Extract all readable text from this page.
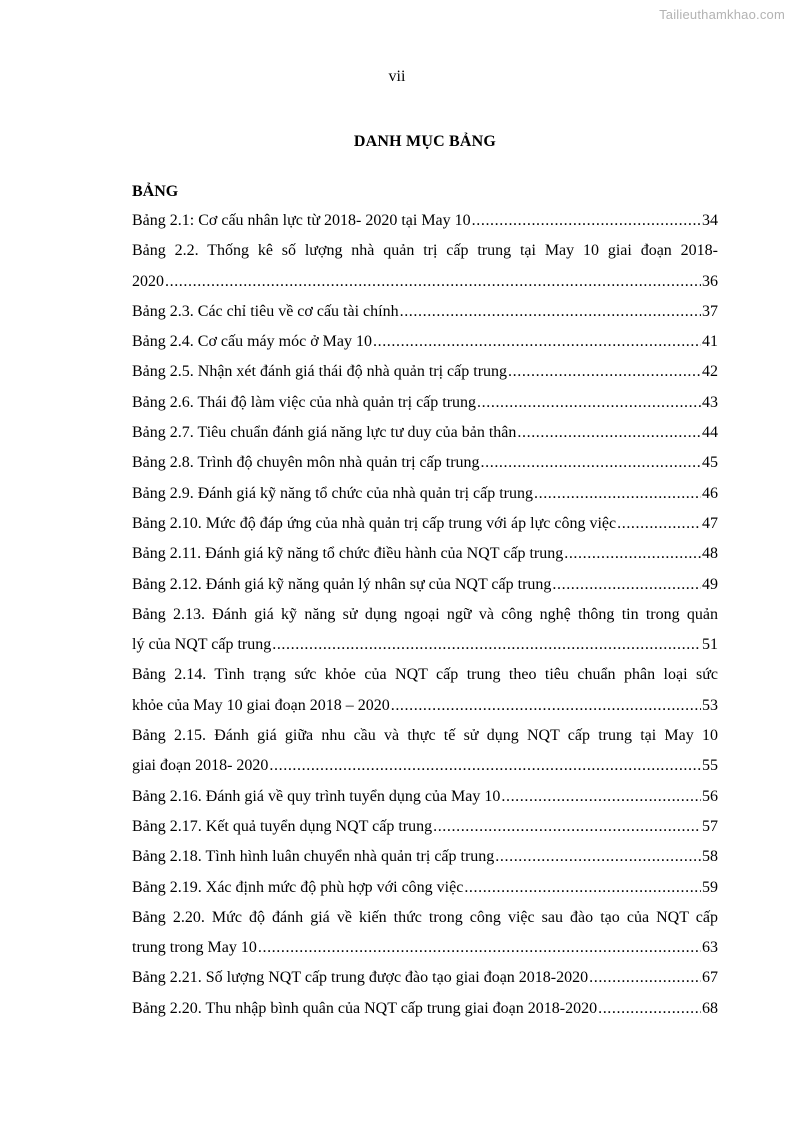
Tailieuthamkhao.com
vii
DANH MỤC BẢNG
BẢNG
Bảng 2.1: Cơ cấu nhân lực từ 2018- 2020 tại May 10 .....	34
Bảng 2.2. Thống kê số lượng nhà quản trị cấp trung tại May 10 giai đoạn 2018-
2020 .....	36
Bảng 2.3. Các chỉ tiêu về cơ cấu tài chính .....	37
Bảng 2.4. Cơ cấu máy móc ở May 10 .....	41
Bảng 2.5. Nhận xét đánh giá thái độ nhà quản trị cấp trung .....	42
Bảng 2.6. Thái độ làm việc của nhà quản trị cấp trung .....	43
Bảng 2.7. Tiêu chuẩn đánh giá năng lực tư duy của bản thân .....	44
Bảng 2.8. Trình độ chuyên môn nhà quản trị cấp trung .....	45
Bảng 2.9. Đánh giá kỹ năng tổ chức của nhà quản trị cấp trung .....	46
Bảng 2.10. Mức độ đáp ứng của nhà quản trị cấp trung với áp lực công việc .....	47
Bảng 2.11. Đánh giá kỹ năng tổ chức điều hành của NQT cấp trung .....	48
Bảng 2.12. Đánh giá kỹ năng quản lý nhân sự của NQT cấp trung .....	49
Bảng 2.13. Đánh giá kỹ năng sử dụng ngoại ngữ và công nghệ thông tin trong quản
lý của NQT cấp trung .....	51
Bảng 2.14. Tình trạng sức khỏe của NQT cấp trung theo tiêu chuẩn phân loại sức
khỏe của May 10 giai đoạn 2018 – 2020 .....	53
Bảng 2.15. Đánh giá giữa nhu cầu và thực tế sử dụng NQT cấp trung tại May 10
giai đoạn 2018- 2020 .....	55
Bảng 2.16. Đánh giá về quy trình tuyển dụng của May 10 .....	56
Bảng 2.17. Kết quả tuyển dụng NQT cấp trung .....	57
Bảng 2.18. Tình hình luân chuyển nhà quản trị cấp trung .....	58
Bảng 2.19. Xác định mức độ phù hợp với công việc .....	59
Bảng 2.20. Mức độ đánh giá về kiến thức trong công việc sau đào tạo của NQT cấp
trung trong May 10 .....	63
Bảng 2.21. Số lượng NQT cấp trung được đào tạo giai đoạn 2018-2020 .....	67
Bảng 2.20. Thu nhập bình quân của NQT cấp trung giai đoạn 2018-2020 .....	68
